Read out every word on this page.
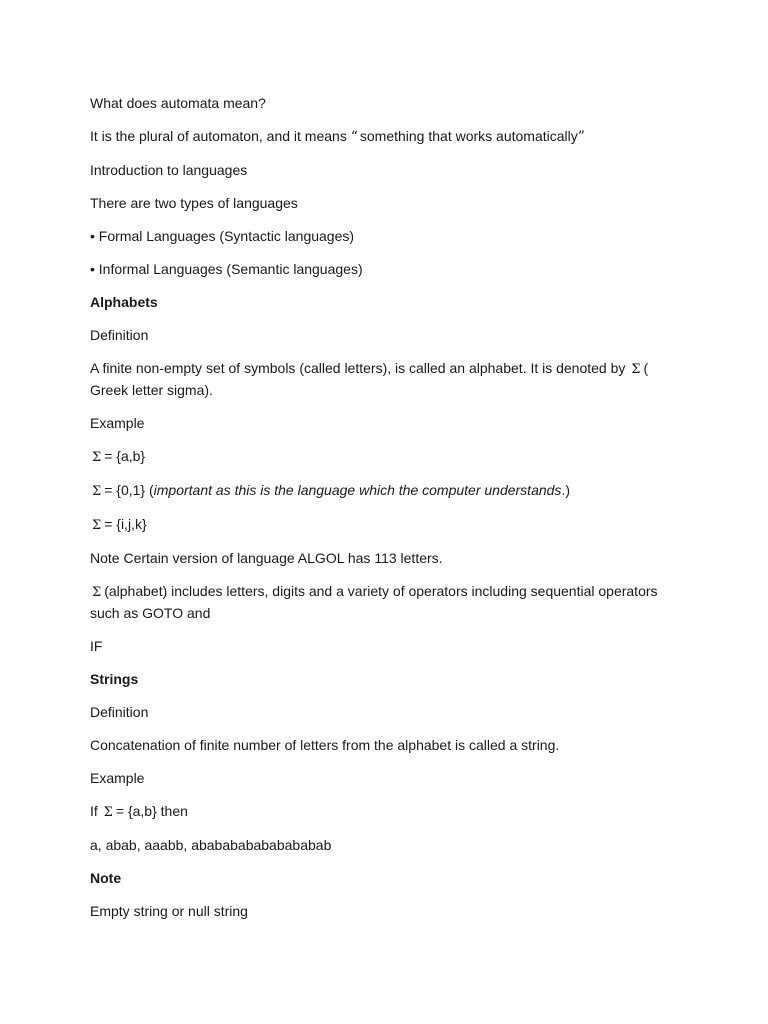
What does automata mean?

It is the plural of automaton, and it means “ something that works automatically”

Introduction to languages

There are two types of languages

• Formal Languages (Syntactic languages)

• Informal Languages (Semantic languages)

Alphabets

Definition

A finite non-empty set of symbols (called letters), is called an alphabet. It is denoted by Σ ( Greek letter sigma).

Example

Σ = {a,b}

Σ = {0,1} (important as this is the language which the computer understands.)

Σ = {i,j,k}

Note Certain version of language ALGOL has 113 letters.

Σ (alphabet) includes letters, digits and a variety of operators including sequential operators such as GOTO and

IF

Strings

Definition

Concatenation of finite number of letters from the alphabet is called a string.

Example

If Σ = {a,b} then

a, abab, aaabb, ababababababababab

Note

Empty string or null string
